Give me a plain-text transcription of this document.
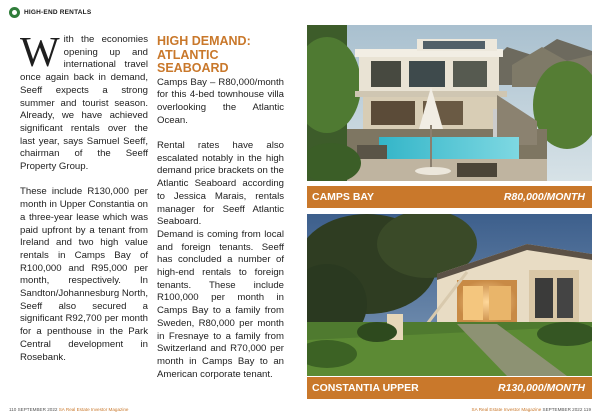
HIGH-END RENTALS

With the economies opening up and international travel once again back in demand, Seeff expects a strong summer and tourist season. Already, we have achieved significant rentals over the last year, says Samuel Seeff, chairman of the Seeff Property Group.

These include R130,000 per month in Upper Constantia on a three-year lease which was paid upfront by a tenant from Ireland and two high value rentals in Camps Bay of R100,000 and R95,000 per month, respectively. In Sandton/Johannesburg North, Seeff also secured a significant R92,700 per month for a penthouse in the Park Central development in Rosebank.

HIGH DEMAND: ATLANTIC SEABOARD

Camps Bay – R80,000/month for this 4-bed townhouse villa overlooking the Atlantic Ocean.

Rental rates have also escalated notably in the high demand price brackets on the Atlantic Seaboard according to Jessica Marais, rentals manager for Seeff Atlantic Seaboard.

Demand is coming from local and foreign tenants. Seeff has concluded a number of high-end rentals to foreign tenants. These include R100,000 per month in Camps Bay to a family from Sweden, R80,000 per month in Fresnaye to a family from Switzerland and R70,000 per month in Camps Bay to an American corporate tenant.

CAMPS BAY	R80,000/MONTH
CONSTANTIA UPPER	R130,000/MONTH
110 SEPTEMBER 2022 SA Real Estate Investor Magazine	SA Real Estate Investor Magazine SEPTEMBER 2022 119
